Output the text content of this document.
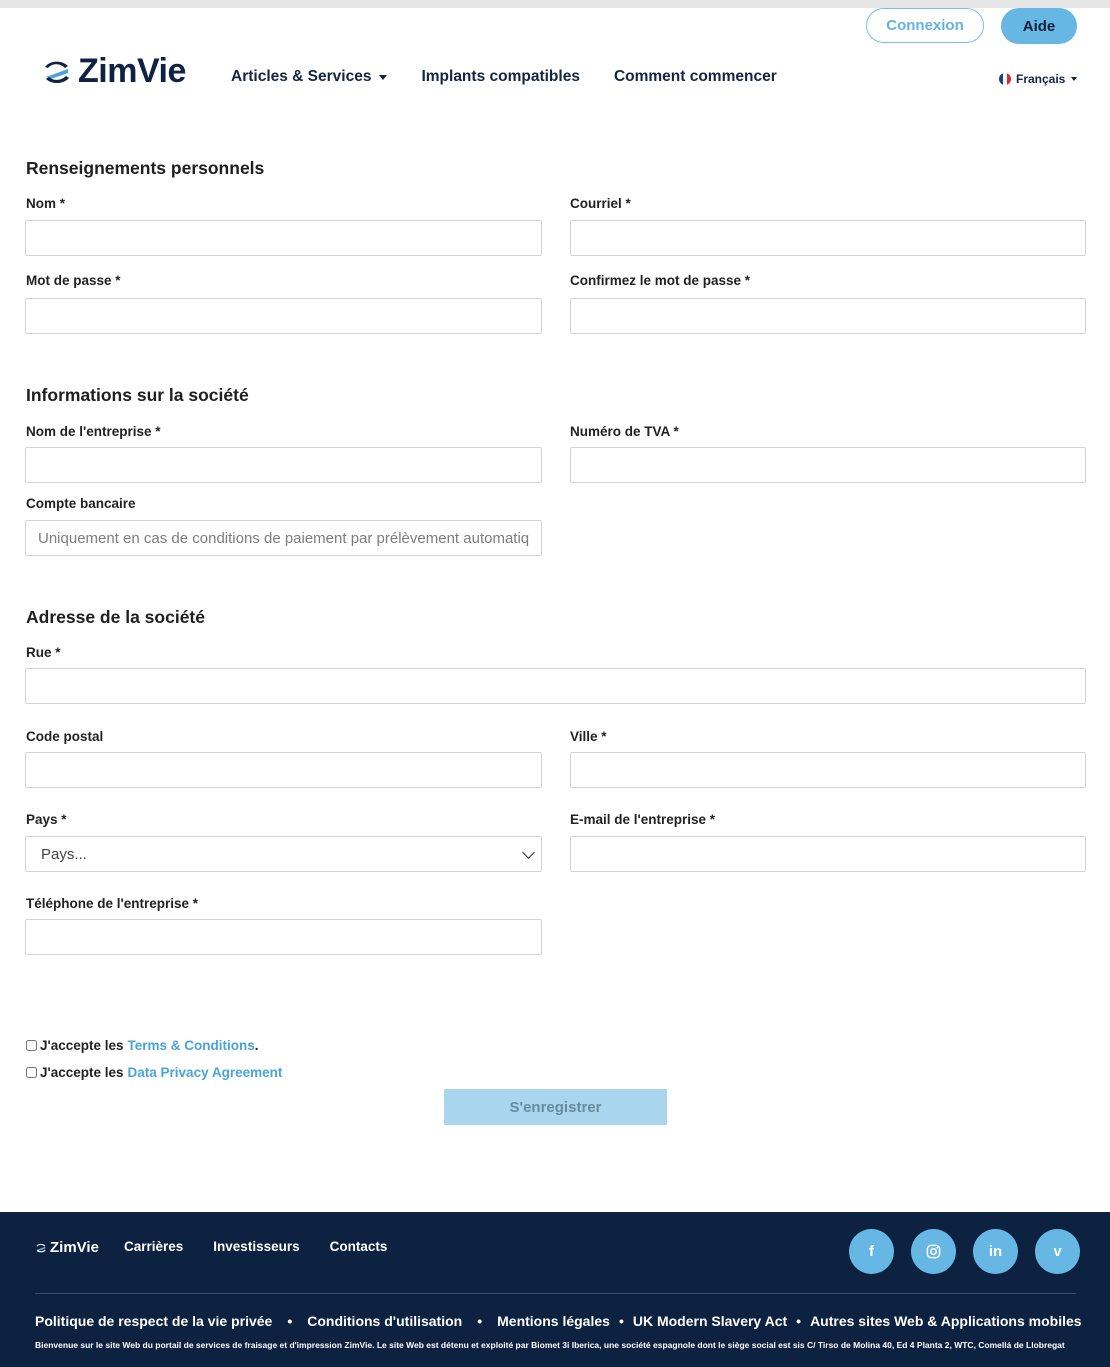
Connexion	Aide
ZimVie	Articles & Services	Implants compatibles Comment commencer	Français
Renseignements personnels
Nom *	Courriel *
Mot de passe *	Confirmez le mot de passe *
Informations sur la société
Nom de l'entreprise *	Numéro de TVA *
Compte bancaire
Uniquement en cas de conditions de paiement par prélèvement automatique
Adresse de la société
Rue *
Code postal	Ville *
Pays *
Pays...
E-mail de l'entreprise *
Téléphone de l'entreprise *
J'accepte les Terms & Conditions .
J'accepte les Data Privacy Agreement
S'enregistrer
ZimVie Carrières Investisseurs Contacts	f	in	v
Politique de respect de la vie privée • Conditions d'utilisation • Mentions légales • UK Modern Slavery Act • Autres sites Web & Applications mobiles
Bienvenue sur le site Web du portail de services de fraisage et d'impression ZimVie. Le site Web est détenu et exploité par Biomet 3i Iberica, une société espagnole dont le siège social est sis C/ Tirso de Molina 40, Ed 4 Planta 2, WTC, Comellá de Llobregat
